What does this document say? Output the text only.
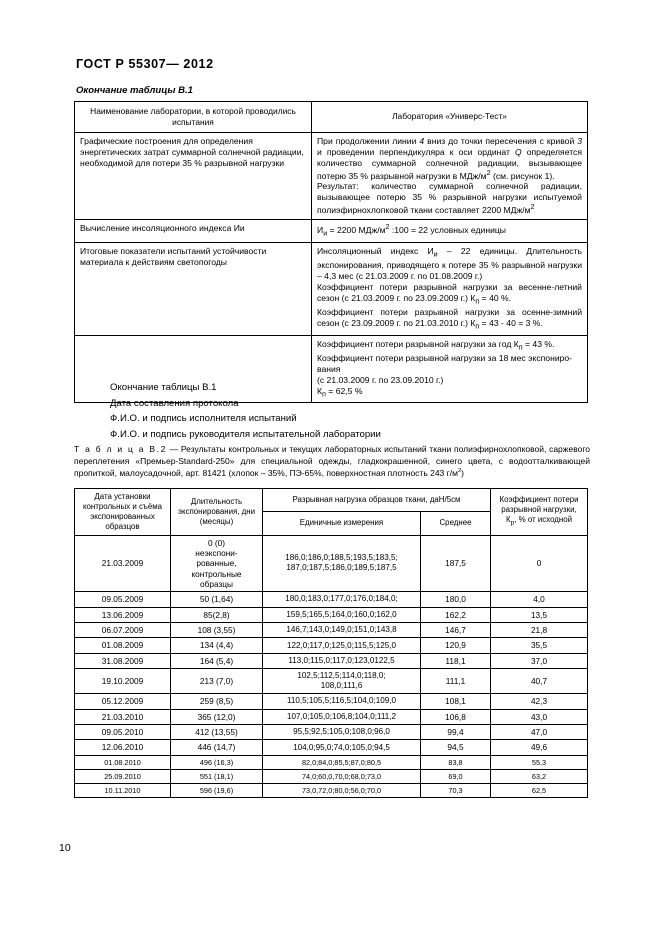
ГОСТ Р 55307— 2012
Окончание таблицы В.1
Наименование лаборатории, в которой проводились испытания	Лаборатория «Универс-Тест»
Графические построения для определения энергетических затрат суммарной солнечной радиации, необходимой для потери 35 % разрывной нагрузки	При продолжении линии 4 вниз до точки пересечения с кривой 3 и проведении перпендикуляра к оси ординат Q определяется количество суммарной солнечной радиации, вызывающее потерю 35 % разрывной нагрузки в МДж/$м^2$ (см. рисунок 1).
Результат: количество суммарной солнечной радиации, вызывающее потерю 35 % разрывной нагрузки испытуемой полиэфирнохлопковой ткани составляет 2200 МДж/$м^2$
Вычисление инсоляционного индекса Ии	$И_и = 2200$ МДж/$м^2$ :100 = 22 условных единицы
Итоговые показатели испытаний устойчивости материала к действиям светопогоды	Инсоляционный индекс $И_и - 22$ единицы. Длительность экспонирования, приводящего к потере 35 % разрывной нагрузки – 4,3 мес (с 21.03.2009 г. по 01.08.2009 г.)
Коэффициент потери разрывной нагрузки за весенне-летний сезон (с 21.03.2009 г. по 23.09.2009 г.) $К_п = 40$ %.
Коэффициент потери разрывной нагрузки за осенне-зимний сезон (с 23.09.2009 г. по 21.03.2010 г.) $К_п = 43 - 40 = 3$ %.
	Коэффициент потери разрывной нагрузки за год $К_п = 43$ %.
Коэффициент потери разрывной нагрузки за 18 мес экспониро-
вания
(с 21.03.2009 г. по 23.09.2010 г.)
$К_п = 62,5$ %
Окончание таблицы В.1
Дата составления протокола
Ф.И.О. и подпись исполнителя испытаний
Ф.И.О. и подпись руководителя испытательной лаборатории
Т а б л и ц а В.2 — Результаты контрольных и текущих лабораторных испытаний ткани полиэфирнохлопковой, саржевого переплетения «Премьер-Standard-250» для специальной одежды, гладкокрашенной, синего цвета, с водоотталкивающей пропиткой, малоусадочной, арт. 81421 (хлопок – 35%, ПЭ-65%, поверхностная плотность 243 $г/м^2$)
Дата установки контрольных и съёма экспонированных образцов	Длительность экспонирования, дни (месяцы)	Разрывная нагрузка образцов ткани, даН/5см		Коэффициент потери разрывной нагрузки, $К_р$, % от исходной
		Единичные измерения	Среднее	
21.03.2009	0 (0)
неэкспони-
рованные,
контрольные
образцы	186,0;186,0;188,5;193,5;183,5;
187,0;187,5;186,0;189,5;187,5	187,5	0
09.05.2009	50 (1,64)	180,0;183,0;177,0;176,0;184,0;	180,0	4,0
13.06.2009	85(2,8)	159,5;165,5;164,0;160,0;162,0	162,2	13,5
06.07.2009	108 (3,55)	146,7;143,0;149,0;151,0;143,8	146,7	21,8
01.08.2009	134 (4,4)	122,0;117,0;125,0;115,5;125,0	120,9	35,5
31.08.2009	164 (5,4)	113,0;115,0;117,0;123,0122,5	118,1	37,0
19.10.2009	213 (7,0)	102,5;112,5;114,0;118,0;
108,0;111,6	111,1	40,7
05.12.2009	259 (8,5)	110,5;105,5;116,5;104,0;109,0	108,1	42,3
21.03.2010	365 (12,0)	107,0;105,0;106,8;104,0;111,2	106,8	43,0
09.05.2010	412 (13,55)	95,5;92,5;105,0;108,0;96,0	99,4	47,0
12.06.2010	446 (14,7)	104,0;95,0;74,0;105,0;94,5	94,5	49,6
01.08.2010	496 (16,3)	82,0;84,0;85,5;87,0;80,5	83,8	55,3
25.09.2010	551 (18,1)	74,0;60,0,70,0;68,0;73,0	69,0	63,2
10.11.2010	596 (19,6)	73,0,72,0;80,0;56,0;70,0	70,3	62,5
10
